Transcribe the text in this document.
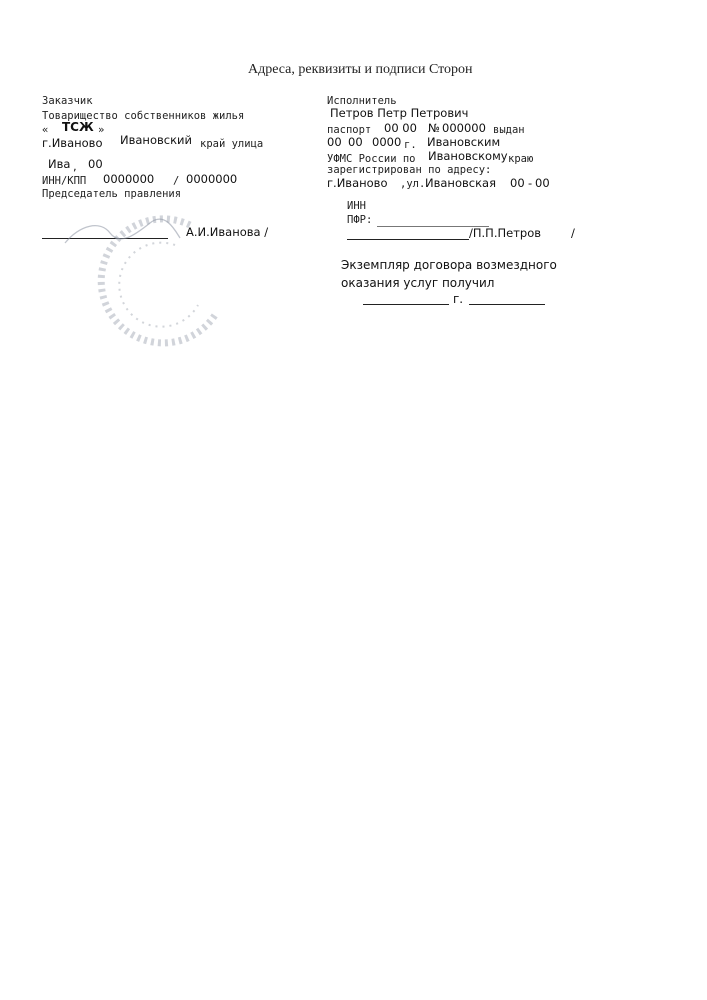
Адреса, реквизиты и подписи Сторон
Заказчик
Товарищество собственников жилья
« ТСЖ »
г.Иваново Ивановский край улица
Ива , 00
ИНН/КПП 0000000 / 0000000
Председатель правления
А.И.Иванова /
Исполнитель
Петров Петр Петрович
паспорт 00 00 № 000000 выдан
00 00 0000 г. Ивановским
УФМС России по Ивановскому краю
зарегистрирован по адресу:
г.Иваново ,ул. Ивановская 00 - 00
ИНН
ПФР:
/П.П.Петров	/
Экземпляр договора возмездного
оказания услуг получил
г.
